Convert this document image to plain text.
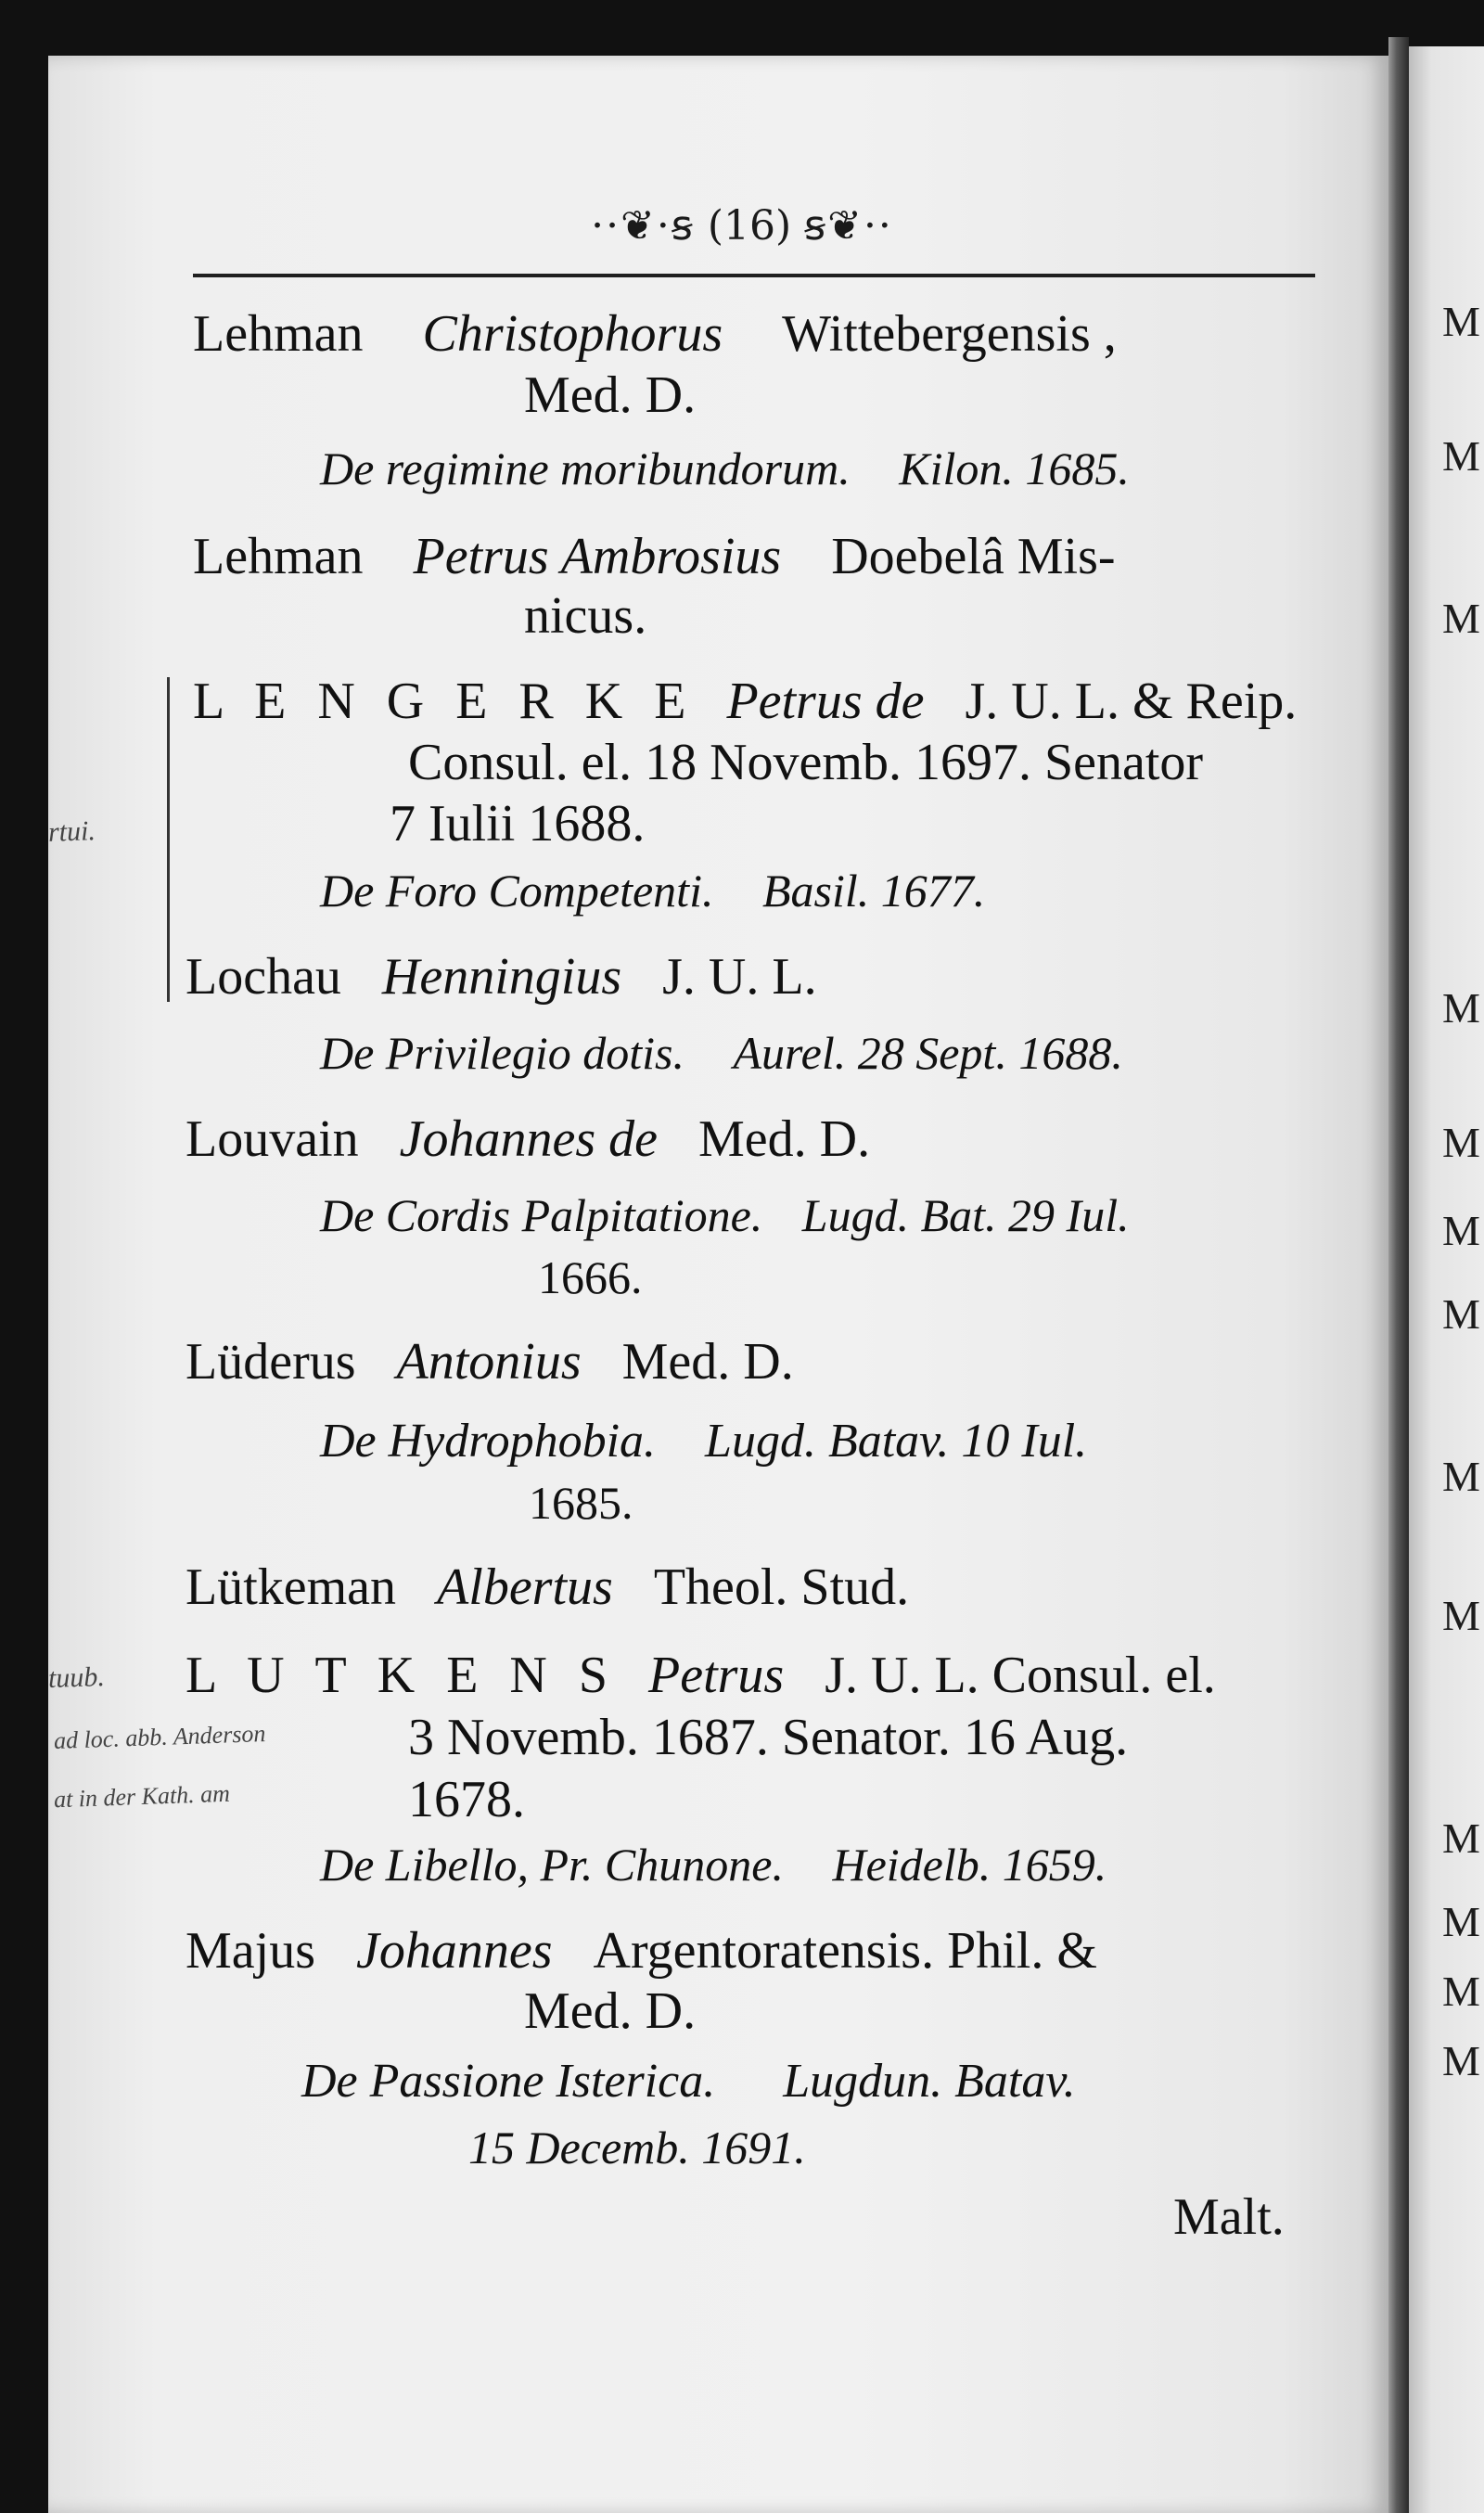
M
M
M
M
M
M
M
M
M
M
M
M
M
··❦·ꞩ (16) ꞩ❦··
Lehman Christophorus Wittebergensis ,
Med. D.
De regimine moribundorum. Kilon. 1685.
Lehman Petrus Ambrosius Doebelâ Mis-
nicus.
L E N G E R K E Petrus de J. U. L. & Reip.
Consul. el. 18 Novemb. 1697. Senator
7 Iulii 1688.
De Foro Competenti. Basil. 1677.
rtui.
Lochau Henningius J. U. L.
De Privilegio dotis. Aurel. 28 Sept. 1688.
Louvain Johannes de Med. D.
De Cordis Palpitatione. Lugd. Bat. 29 Iul.
1666.
Lüderus Antonius Med. D.
De Hydrophobia. Lugd. Batav. 10 Iul.
1685.
Lütkeman Albertus Theol. Stud.
L U T K E N S Petrus J. U. L. Consul. el.
3 Novemb. 1687. Senator. 16 Aug.
1678.
De Libello, Pr. Chunone. Heidelb. 1659.
tuub.
ad loc. abb. Anderson
at in der Kath. am
Majus Johannes Argentoratensis. Phil. &
Med. D.
De Passione Isterica. Lugdun. Batav.
15 Decemb. 1691.
Malt.
